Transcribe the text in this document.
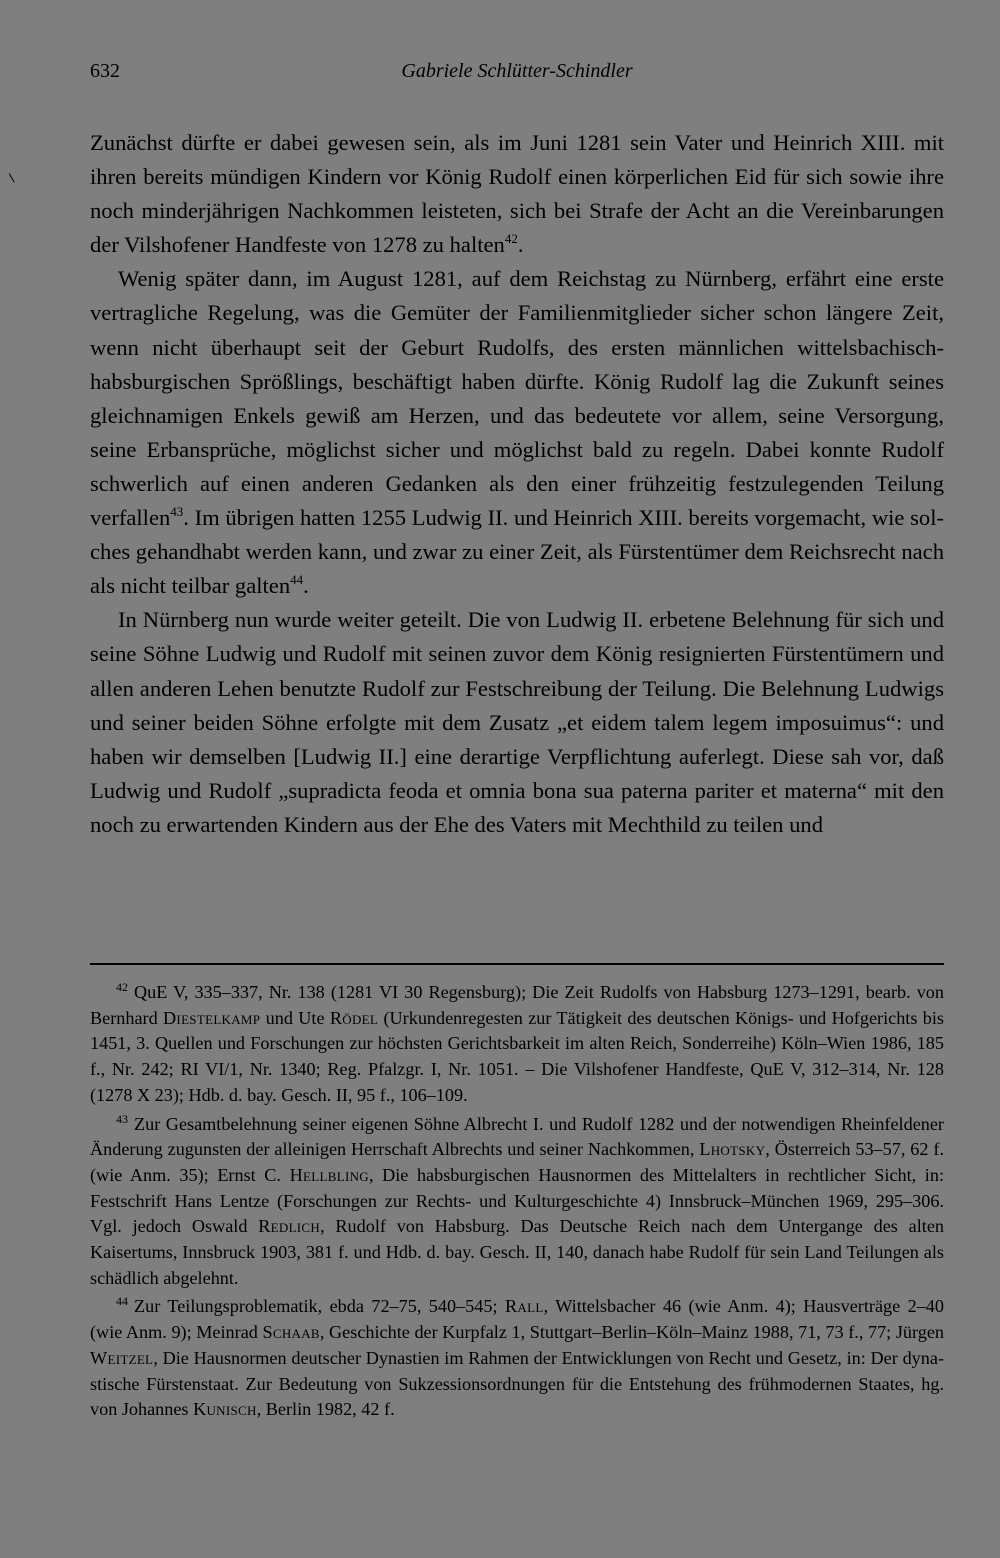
632	Gabriele Schlütter-Schindler

Zunächst dürfte er dabei gewesen sein, als im Juni 1281 sein Vater und Heinrich XIII. mit ihren bereits mündigen Kindern vor König Rudolf einen körperlichen Eid für sich sowie ihre noch minderjährigen Nachkommen leisteten, sich bei Strafe der Acht an die Vereinbarungen der Vilshofener Handfeste von 1278 zu halten$^{42}$.

Wenig später dann, im August 1281, auf dem Reichstag zu Nürnberg, erfährt eine erste vertragliche Regelung, was die Gemüter der Familienmitglieder sicher schon längere Zeit, wenn nicht überhaupt seit der Geburt Rudolfs, des ersten männlichen wittelsbachisch-habsburgischen Sprößlings, beschäftigt haben dürfte. König Rudolf lag die Zukunft seines gleichnamigen Enkels gewiß am Herzen, und das bedeutete vor allem, seine Versorgung, seine Erbansprüche, möglichst sicher und möglichst bald zu regeln. Dabei konnte Rudolf schwerlich auf einen anderen Gedanken als den einer frühzeitig festzulegenden Teilung verfallen$^{43}$. Im übrigen hatten 1255 Ludwig II. und Heinrich XIII. bereits vorgemacht, wie solches gehandhabt werden kann, und zwar zu einer Zeit, als Fürstentümer dem Reichsrecht nach als nicht teilbar galten$^{44}$.

In Nürnberg nun wurde weiter geteilt. Die von Ludwig II. erbetene Belehnung für sich und seine Söhne Ludwig und Rudolf mit seinen zuvor dem König resignierten Fürstentümern und allen anderen Lehen benutzte Rudolf zur Festschreibung der Teilung. Die Belehnung Ludwigs und seiner beiden Söhne erfolgte mit dem Zusatz „et eidem talem legem imposuimus“: und haben wir demselben [Ludwig II.] eine derartige Verpflichtung auferlegt. Diese sah vor, daß Ludwig und Rudolf „supradicta feoda et omnia bona sua paterna pariter et materna“ mit den noch zu erwartenden Kindern aus der Ehe des Vaters mit Mechthild zu teilen und

$^{42}$ QuE V, 335–337, Nr. 138 (1281 VI 30 Regensburg); Die Zeit Rudolfs von Habsburg 1273–1291, bearb. von Bernhard Diestelkamp und Ute Rödel (Urkundenregesten zur Tätigkeit des deutschen Königs- und Hofgerichts bis 1451, 3. Quellen und Forschungen zur höchsten Gerichtsbarkeit im alten Reich, Sonderreihe) Köln–Wien 1986, 185 f., Nr. 242; RI VI/1, Nr. 1340; Reg. Pfalzgr. I, Nr. 1051. – Die Vilshofener Handfeste, QuE V, 312–314, Nr. 128 (1278 X 23); Hdb. d. bay. Gesch. II, 95 f., 106–109.

$^{43}$ Zur Gesamtbelehnung seiner eigenen Söhne Albrecht I. und Rudolf 1282 und der notwendigen Rheinfeldener Änderung zugunsten der alleinigen Herrschaft Albrechts und seiner Nachkommen, Lhotsky, Österreich 53–57, 62 f. (wie Anm. 35); Ernst C. Hellbling, Die habsburgischen Hausnormen des Mittelalters in rechtlicher Sicht, in: Festschrift Hans Lentze (Forschungen zur Rechts- und Kulturgeschichte 4) Innsbruck–München 1969, 295–306. Vgl. jedoch Oswald Redlich, Rudolf von Habsburg. Das Deutsche Reich nach dem Untergange des alten Kaisertums, Innsbruck 1903, 381 f. und Hdb. d. bay. Gesch. II, 140, danach habe Rudolf für sein Land Teilungen als schädlich abgelehnt.

$^{44}$ Zur Teilungsproblematik, ebda 72–75, 540–545; Rall, Wittelsbacher 46 (wie Anm. 4); Hausverträge 2–40 (wie Anm. 9); Meinrad Schaab, Geschichte der Kurpfalz 1, Stuttgart–Berlin–Köln–Mainz 1988, 71, 73 f., 77; Jürgen Weitzel, Die Hausnormen deutscher Dynastien im Rahmen der Entwicklungen von Recht und Gesetz, in: Der dynastische Fürstenstaat. Zur Bedeutung von Sukzessionsordnungen für die Entstehung des frühmodernen Staates, hg. von Johannes Kunisch, Berlin 1982, 42 f.
